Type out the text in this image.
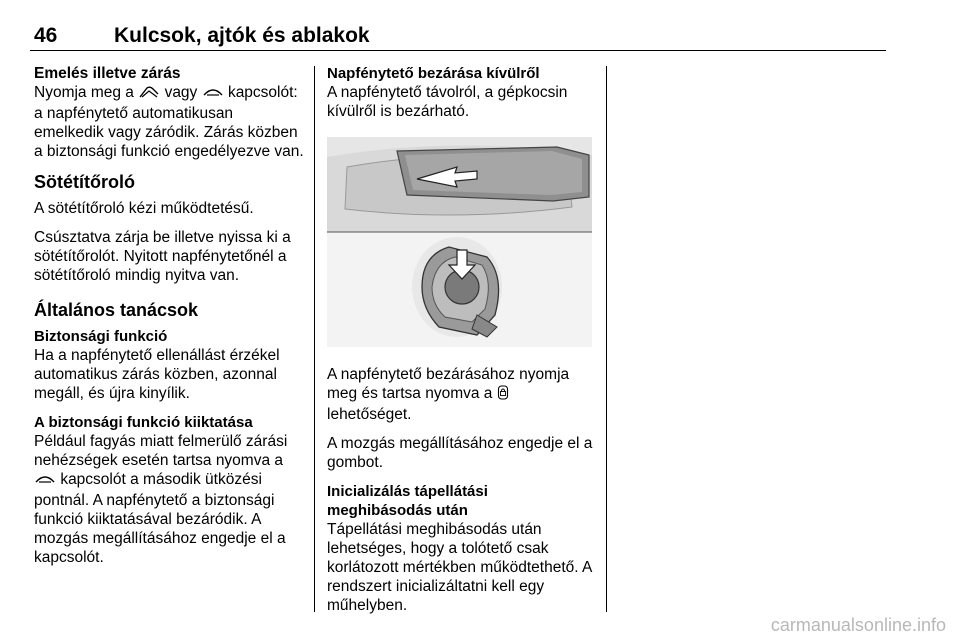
46	Kulcsok, ajtók és ablakok
Emelés illetve zárás

Nyomja meg a vagy kapcsolót: a napfénytető automatikusan emelkedik vagy záródik. Zárás közben a biztonsági funkció engedélyezve van.

Sötétítőroló

A sötétítőroló kézi működtetésű.

Csúsztatva zárja be illetve nyissa ki a sötétítőrolót. Nyitott napfénytetőnél a sötétítőroló mindig nyitva van.

Általános tanácsok
Biztonsági funkció

Ha a napfénytető ellenállást érzékel automatikus zárás közben, azonnal megáll, és újra kinyílik.

A biztonsági funkció kiiktatása

Például fagyás miatt felmerülő zárási nehézségek esetén tartsa nyomva a  kapcsolót a második ütközési pontnál. A napfénytető a biztonsági funkció kiiktatásával bezáródik. A mozgás megállításához engedje el a kapcsolót.

Napfénytető bezárása kívülről

A napfénytető távolról, a gépkocsin kívülről is bezárható.

A napfénytető bezárásához nyomja meg és tartsa nyomva a  lehetőséget.

A mozgás megállításához engedje el a gombot.

Inicializálás tápellátási meghibásodás után

Tápellátási meghibásodás után lehetséges, hogy a tolótető csak korlátozott mértékben működtethető. A rendszert inicializáltatni kell egy műhelyben.

carmanualsonline.info
